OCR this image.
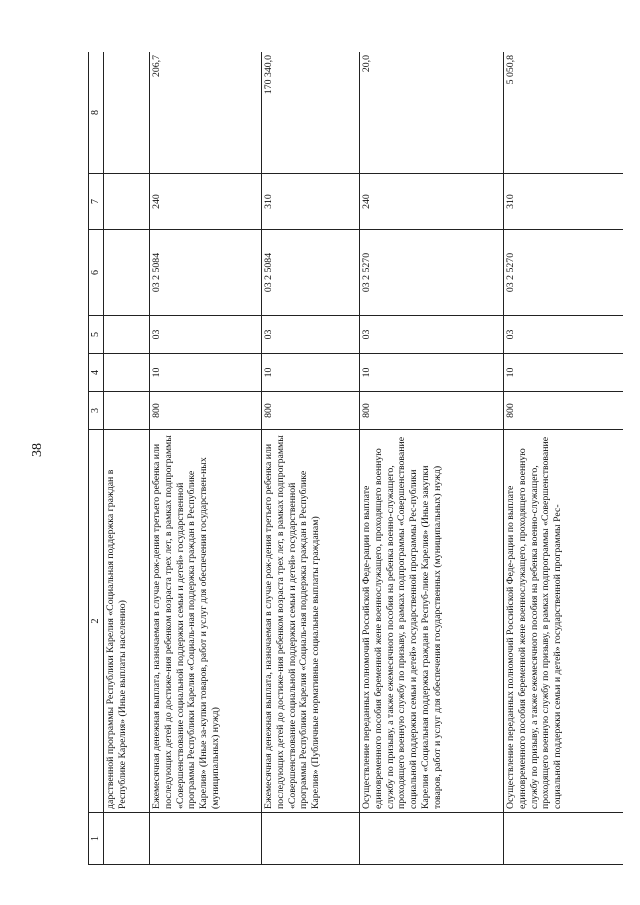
38
1	2	3	4	5	6	7	8
	дарственной программы Республики Карелия «Социальная поддержка граждан в Республике Карелия» (Иные выплаты населению)						
	Ежемесячная денежная выплата, назначаемая в случае рож-дения третьего ребенка или последующих детей до достиже-ния ребенком возраста трех лет, в рамках подпрограммы «Совершенствование социальной поддержки семьи и детей» государственной программы Республики Карелия «Социаль-ная поддержка граждан в Республике Карелия» (Иные за-купки товаров, работ и услуг для обеспечения государствен-ных (муниципальных) нужд)	800	10	03	03 2 5084	240	206,7
	Ежемесячная денежная выплата, назначаемая в случае рож-дения третьего ребенка или последующих детей до достиже-ния ребенком возраста трех лет, в рамках подпрограммы «Совершенствование социальной поддержки семьи и детей» государственной программы Республики Карелия «Социаль-ная поддержка граждан в Республике Карелия» (Публичные нормативные социальные выплаты гражданам)	800	10	03	03 2 5084	310	170 340,0
	Осуществление переданных полномочий Российской Феде-рации по выплате единовременного пособия беременной жене военнослужащего, проходящего военную службу по призыву, а также ежемесячного пособия на ребенка военно-служащего, проходящего военную службу по призыву, в рамках подпрограммы «Совершенствование социальной поддержки семьи и детей» государственной программы Рес-публики Карелия «Социальная поддержка граждан в Респуб-лике Карелия» (Иные закупки товаров, работ и услуг для обеспечения государственных (муниципальных) нужд)	800	10	03	03 2 5270	240	20,0
	Осуществление переданных полномочий Российской Феде-рации по выплате единовременного пособия беременной жене военнослужащего, проходящего военную службу по призыву, а также ежемесячного пособия на ребенка военно-служащего, проходящего военную службу по призыву, в рамках подпрограммы «Совершенствование социальной поддержки семьи и детей» государственной программы Рес-	800	10	03	03 2 5270	310	5 050,8
